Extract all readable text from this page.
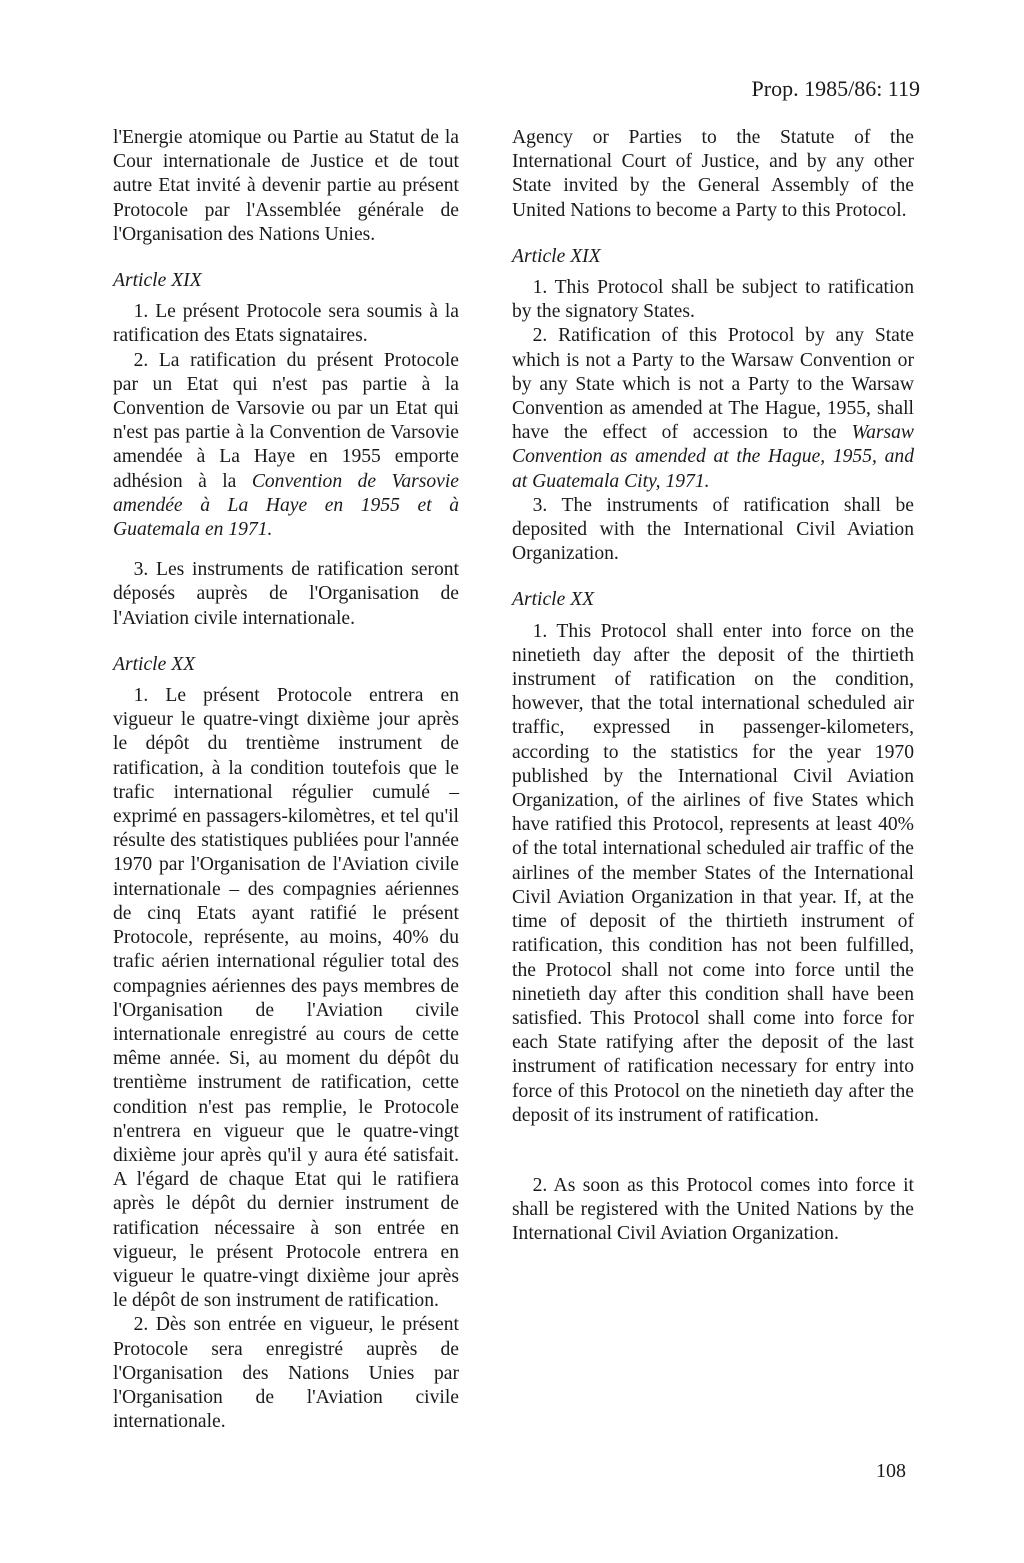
Prop. 1985/86: 119

l'Energie atomique ou Partie au Statut de la Cour internationale de Justice et de tout autre Etat invité à devenir partie au présent Protocole par l'Assemblée générale de l'Organisation des Nations Unies.

Article XIX

1. Le présent Protocole sera soumis à la ratification des Etats signataires.

2. La ratification du présent Protocole par un Etat qui n'est pas partie à la Convention de Varsovie ou par un Etat qui n'est pas partie à la Convention de Varsovie amendée à La Haye en 1955 emporte adhésion à la Convention de Varsovie amendée à La Haye en 1955 et à Guatemala en 1971.

3. Les instruments de ratification seront déposés auprès de l'Organisation de l'Aviation civile internationale.

Article XX

1. Le présent Protocole entrera en vigueur le quatre-vingt dixième jour après le dépôt du trentième instrument de ratification, à la condition toutefois que le trafic international régulier cumulé – exprimé en passagers-kilomètres, et tel qu'il résulte des statistiques publiées pour l'année 1970 par l'Organisation de l'Aviation civile internationale – des compagnies aériennes de cinq Etats ayant ratifié le présent Protocole, représente, au moins, 40% du trafic aérien international régulier total des compagnies aériennes des pays membres de l'Organisation de l'Aviation civile internationale enregistré au cours de cette même année. Si, au moment du dépôt du trentième instrument de ratification, cette condition n'est pas remplie, le Protocole n'entrera en vigueur que le quatre-vingt dixième jour après qu'il y aura été satisfait. A l'égard de chaque Etat qui le ratifiera après le dépôt du dernier instrument de ratification nécessaire à son entrée en vigueur, le présent Protocole entrera en vigueur le quatre-vingt dixième jour après le dépôt de son instrument de ratification.

2. Dès son entrée en vigueur, le présent Protocole sera enregistré auprès de l'Organisation des Nations Unies par l'Organisation de l'Aviation civile internationale.

Agency or Parties to the Statute of the International Court of Justice, and by any other State invited by the General Assembly of the United Nations to become a Party to this Protocol.

Article XIX

1. This Protocol shall be subject to ratification by the signatory States.

2. Ratification of this Protocol by any State which is not a Party to the Warsaw Convention or by any State which is not a Party to the Warsaw Convention as amended at The Hague, 1955, shall have the effect of accession to the Warsaw Convention as amended at the Hague, 1955, and at Guatemala City, 1971.

3. The instruments of ratification shall be deposited with the International Civil Aviation Organization.

Article XX

1. This Protocol shall enter into force on the ninetieth day after the deposit of the thirtieth instrument of ratification on the condition, however, that the total international scheduled air traffic, expressed in passenger-kilometers, according to the statistics for the year 1970 published by the International Civil Aviation Organization, of the airlines of five States which have ratified this Protocol, represents at least 40% of the total international scheduled air traffic of the airlines of the member States of the International Civil Aviation Organization in that year. If, at the time of deposit of the thirtieth instrument of ratification, this condition has not been fulfilled, the Protocol shall not come into force until the ninetieth day after this condition shall have been satisfied. This Protocol shall come into force for each State ratifying after the deposit of the last instrument of ratification necessary for entry into force of this Protocol on the ninetieth day after the deposit of its instrument of ratification.

2. As soon as this Protocol comes into force it shall be registered with the United Nations by the International Civil Aviation Organization.

108
